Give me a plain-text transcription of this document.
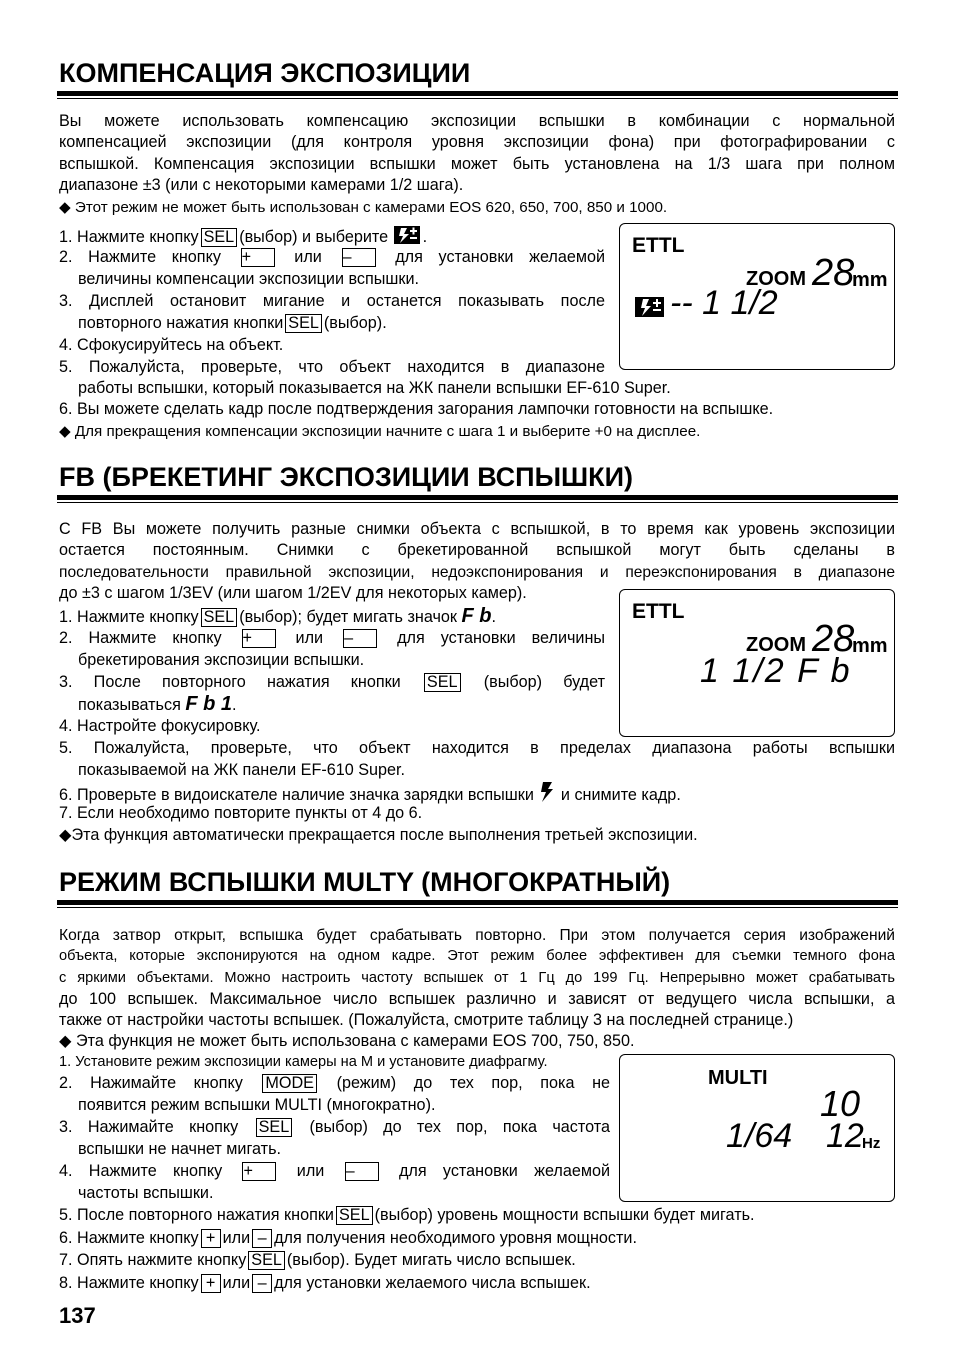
КОМПЕНСАЦИЯ ЭКСПОЗИЦИИ
Вы можете использовать компенсацию экспозиции вспышки в комбинации с нормальной
компенсацией экспозиции (для контроля уровня экспозиции фона) при фотографировании с
вспышкой. Компенсация экспозиции вспышки может быть установлена на 1/3 шага при полном
диапазоне ±3 (или с некоторыми камерами 1/2 шага).
◆ Этот режим не может быть использован с камерами EOS 620, 650, 700, 850 и 1000.
1. Нажмите кнопку SEL (выбор) и выберите .
2. Нажмите кнопку +	или –	для установки желаемой
величины компенсации экспозиции вспышки.
3. Дисплей остановит мигание и останется показывать после
повторного нажатия кнопки SEL (выбор).
4. Сфокусируйтесь на объект.
5. Пожалуйста, проверьте, что объект находится в диапазоне
работы вспышки, который показывается на ЖК панели вспышки EF-610 Super.
6. Вы можете сделать кадр после подтверждения загорания лампочки готовности на вспышке.
◆ Для прекращения компенсации экспозиции начните с шага 1 и выберите +0 на дисплее.
ETTL
ZOOM 28
mm
-- 1 1/2
FB (БРЕКЕТИНГ ЭКСПОЗИЦИИ ВСПЫШКИ)
С FB Вы можете получить разные снимки объекта с вспышкой, в то время как уровень экспозиции
остается постоянным. Снимки с брекетированной вспышкой могут быть сделаны в
последовательности правильной экспозиции, недоэкспонирования и переэкспонирования в диапазоне
до ±3 с шагом 1/3EV (или шагом 1/2EV для некоторых камер).
1. Нажмите кнопку SEL (выбор); будет мигать значок F b.
2. Нажмите кнопку +	или –	для установки величины
брекетирования экспозиции вспышки.
3. После повторного нажатия кнопки SEL (выбор) будет
показываться F b 1.
4. Настройте фокусировку.
5. Пожалуйста, проверьте, что объект находится в пределах диапазона работы вспышки
показываемой на ЖК панели EF-610 Super.
6. Проверьте в видоискателе наличие значка зарядки вспышки и снимите кадр.
7. Если необходимо повторите пункты от 4 до 6.
◆Эта функция автоматически прекращается после выполнения третьей экспозиции.
ETTL
ZOOM 28
mm
1 1/2 F b
РЕЖИМ ВСПЫШКИ MULTY (МНОГОКРАТНЫЙ)
Когда затвор открыт, вспышка будет срабатывать повторно. При этом получается серия изображений
объекта, которые экспонируются на одном кадре. Этот режим более эффективен для съемки темного фона
с яркими объектами. Можно настроить частоту вспышек от 1 Гц до 199 Гц. Непрерывно может срабатывать
до 100 вспышек. Максимальное число вспышек различно и зависят от ведущего числа вспышки, а
также от настройки частоты вспышек. (Пожалуйста, смотрите таблицу 3 на последней странице.)
◆ Эта функция не может быть использована с камерами EOS 700, 750, 850.
1. Установите режим экспозиции камеры на М и установите диафрагму.
2. Нажимайте кнопку MODE (режим) до тех пор, пока не
появится режим вспышки MULTI (многократно).
3. Нажимайте кнопку SEL (выбор) до тех пор, пока частота
вспышки не начнет мигать.
4. Нажмите кнопку +	или –	для установки желаемой
частоты вспышки.
5. После повторного нажатия кнопки SEL (выбор) уровень мощности вспышки будет мигать.
6. Нажмите кнопку + или – для получения необходимого уровня мощности.
7. Опять нажмите кнопку SEL (выбор). Будет мигать число вспышек.
8. Нажмите кнопку + или – для установки желаемого числа вспышек.
MULTI
10
1/64 12
Hz
137
